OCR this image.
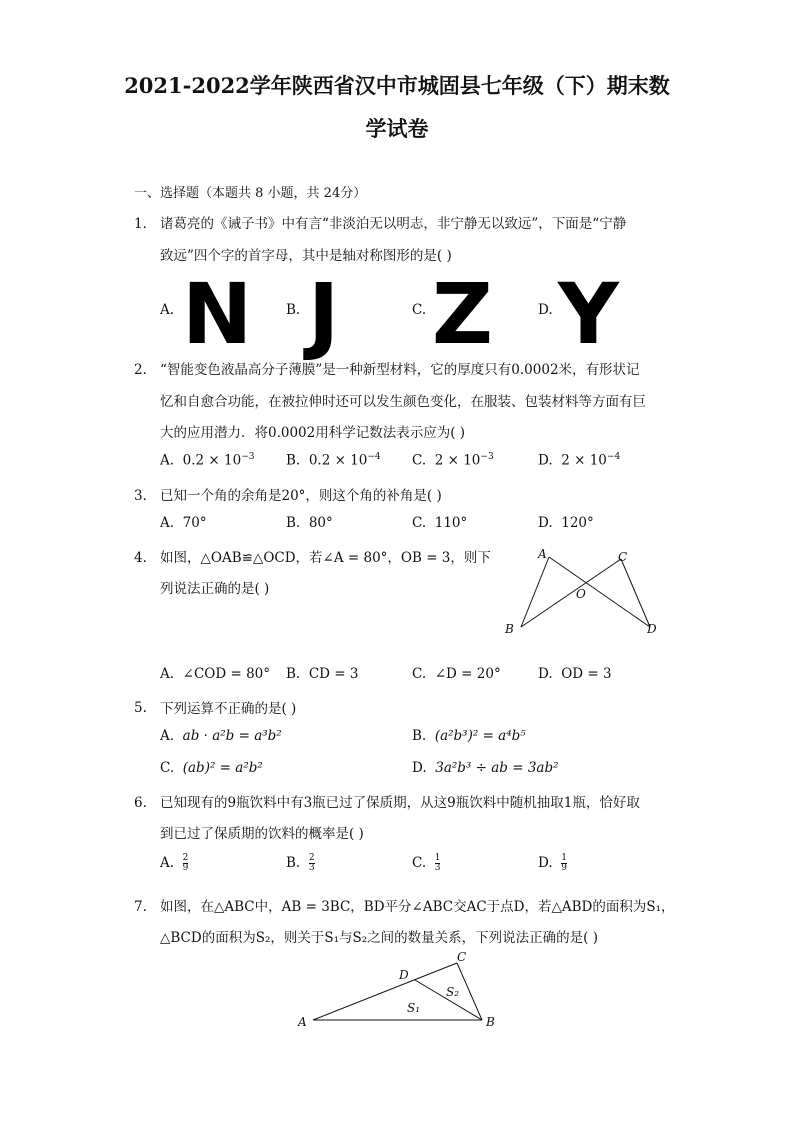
2021-2022学年陕西省汉中市城固县七年级（下）期末数
学试卷
一、选择题（本题共 8 小题，共 24分）
1. 诸葛亮的《诫子书》中有言“非淡泊无以明志，非宁静无以致远”，下面是“宁静
致远”四个字的首字母，其中是轴对称图形的是( )
A. N B. J	C. Z	D. Y
2. “智能变色液晶高分子薄膜”是一种新型材料，它的厚度只有0.0002米，有形状记
忆和自愈合功能，在被拉伸时还可以发生颜色变化，在服装、包装材料等方面有巨
大的应用潜力．将0.0002用科学记数法表示应为( )
A. $0.2 \times 10^{-3}$ B. $0.2 \times 10^{-4}$ C. $2 \times 10^{-3}$	D. $2 \times 10^{-4}$
3. 已知一个角的余角是20°，则这个角的补角是( )
A. 70°	B. 80°	C. 110°	D. 120°
4. 如图，△OAB≌△OCD，若∠A = 80°，OB = 3，则下
列说法正确的是( )
A
B
C
D
O
A. ∠COD = 80° B. CD = 3	C. ∠D = 20°	D. OD = 3
5. 下列运算不正确的是( )
A. ab · a²b = a³b²	B. (a²b³)² = a⁴b⁵
C. (ab)² = a²b²	D. 3a²b³ ÷ ab = 3ab²
6. 已知现有的9瓶饮料中有3瓶已过了保质期，从这9瓶饮料中随机抽取1瓶，恰好取
到已过了保质期的饮料的概率是( )
A. $\frac{2}{9}$	B. $\frac{2}{3}$	C. $\frac{1}{3}$	D. $\frac{1}{9}$
7. 如图，在△ABC中，AB = 3BC，BD平分∠ABC交AC于点D，若△ABD的面积为S₁，
△BCD的面积为S₂，则关于S₁与S₂之间的数量关系，下列说法正确的是( )
A	B
C
D
S₁
S₂
